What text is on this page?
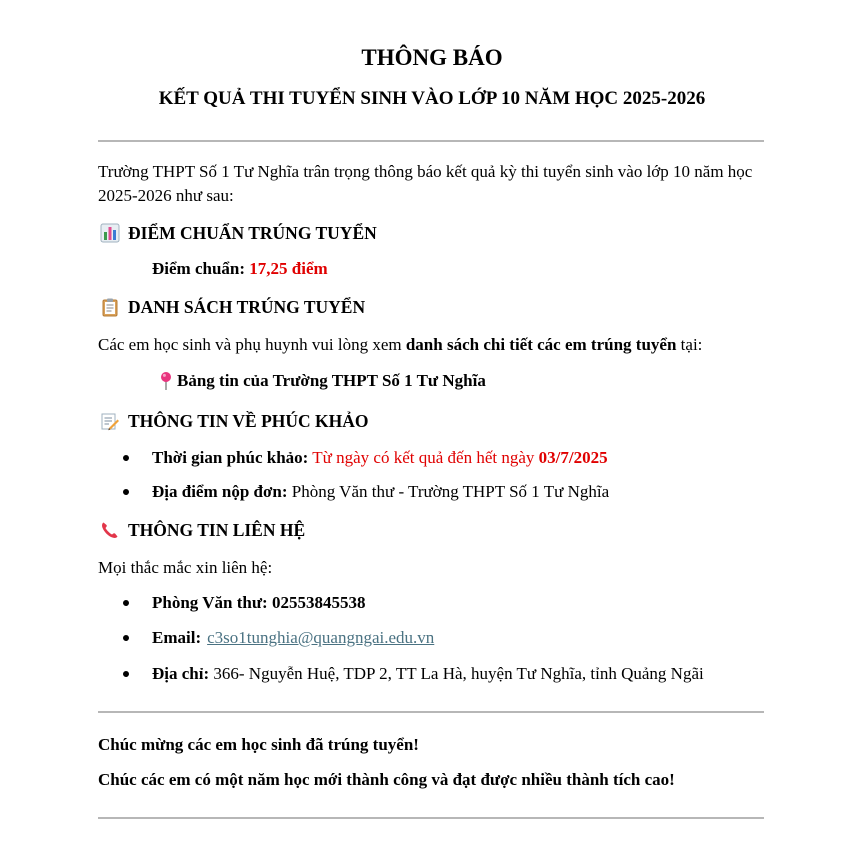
THÔNG BÁO
KẾT QUẢ THI TUYỂN SINH VÀO LỚP 10 NĂM HỌC 2025-2026

Trường THPT Số 1 Tư Nghĩa trân trọng thông báo kết quả kỳ thi tuyển sinh vào lớp 10 năm học 2025-2026 như sau:

ĐIỂM CHUẨN TRÚNG TUYỂN
Điểm chuẩn: 17,25 điểm
DANH SÁCH TRÚNG TUYỂN

Các em học sinh và phụ huynh vui lòng xem danh sách chi tiết các em trúng tuyển tại:

Bảng tin của Trường THPT Số 1 Tư Nghĩa
THÔNG TIN VỀ PHÚC KHẢO
Thời gian phúc khảo: Từ ngày có kết quả đến hết ngày 03/7/2025
Địa điểm nộp đơn: Phòng Văn thư - Trường THPT Số 1 Tư Nghĩa
THÔNG TIN LIÊN HỆ

Mọi thắc mắc xin liên hệ:

Phòng Văn thư: 02553845538
Email: c3so1tunghia@quangngai.edu.vn
Địa chỉ: 366- Nguyễn Huệ, TDP 2, TT La Hà, huyện Tư Nghĩa, tỉnh Quảng Ngãi
Chúc mừng các em học sinh đã trúng tuyển!
Chúc các em có một năm học mới thành công và đạt được nhiều thành tích cao!
